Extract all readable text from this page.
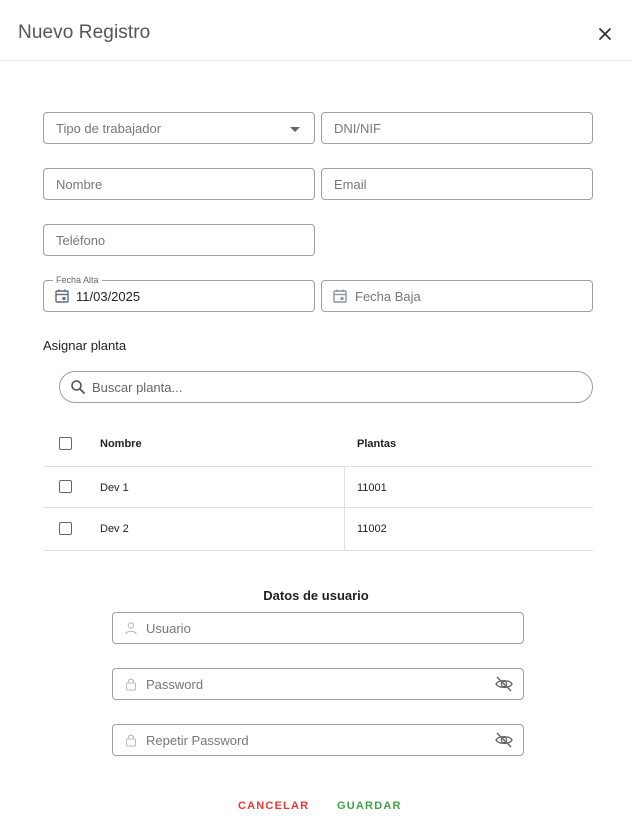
Nuevo Registro
Tipo de trabajador	DNI/NIF
Nombre	Email
Teléfono
Fecha Alta
11/03/2025	Fecha Baja
Asignar planta
Buscar planta...
Nombre	Plantas
Dev 1	11001
Dev 2	11002
Datos de usuario
Usuario
Password
Repetir Password
CANCELAR	GUARDAR
